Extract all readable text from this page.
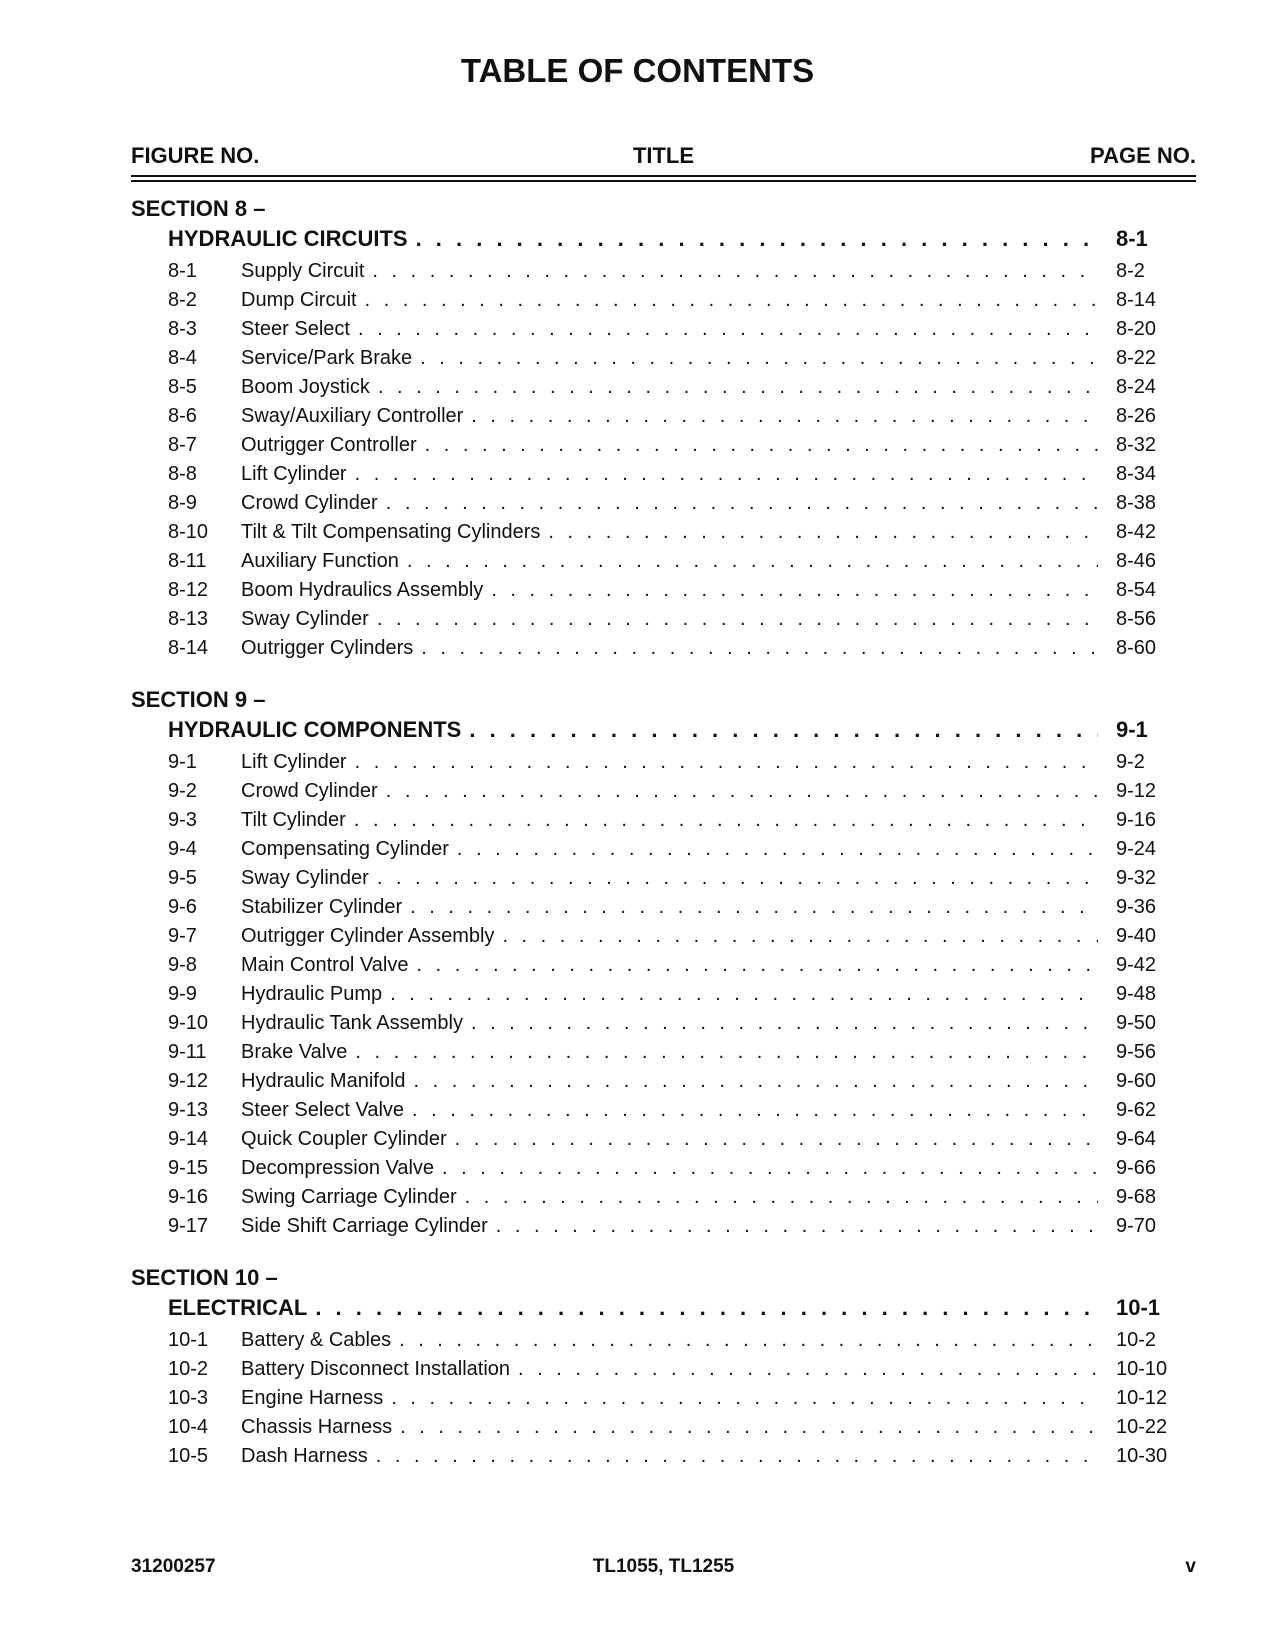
TABLE OF CONTENTS
FIGURE NO.	TITLE	PAGE NO.
SECTION 8 –
HYDRAULIC CIRCUITS . . .	8-1
8-1 Supply Circuit . . .	8-2
8-2 Dump Circuit . . .	8-14
8-3 Steer Select . . .	8-20
8-4 Service/Park Brake . . .	8-22
8-5 Boom Joystick . . .	8-24
8-6 Sway/Auxiliary Controller . . .	8-26
8-7 Outrigger Controller . . .	8-32
8-8 Lift Cylinder . . .	8-34
8-9 Crowd Cylinder . . .	8-38
8-10 Tilt & Tilt Compensating Cylinders . . .	8-42
8-11 Auxiliary Function . . .	8-46
8-12 Boom Hydraulics Assembly . . .	8-54
8-13 Sway Cylinder . . .	8-56
8-14 Outrigger Cylinders . . .	8-60
SECTION 9 –
HYDRAULIC COMPONENTS . . .	9-1
9-1 Lift Cylinder . . .	9-2
9-2 Crowd Cylinder . . .	9-12
9-3 Tilt Cylinder . . .	9-16
9-4 Compensating Cylinder . . .	9-24
9-5 Sway Cylinder . . .	9-32
9-6 Stabilizer Cylinder . . .	9-36
9-7 Outrigger Cylinder Assembly . . .	9-40
9-8 Main Control Valve . . .	9-42
9-9 Hydraulic Pump . . .	9-48
9-10 Hydraulic Tank Assembly . . .	9-50
9-11 Brake Valve . . .	9-56
9-12 Hydraulic Manifold . . .	9-60
9-13 Steer Select Valve . . .	9-62
9-14 Quick Coupler Cylinder . . .	9-64
9-15 Decompression Valve . . .	9-66
9-16 Swing Carriage Cylinder . . .	9-68
9-17 Side Shift Carriage Cylinder . . .	9-70
SECTION 10 –
ELECTRICAL . . .	10-1
10-1 Battery & Cables . . .	10-2
10-2 Battery Disconnect Installation . . .	10-10
10-3 Engine Harness . . .	10-12
10-4 Chassis Harness . . .	10-22
10-5 Dash Harness . . .	10-30
31200257	TL1055, TL1255	v
